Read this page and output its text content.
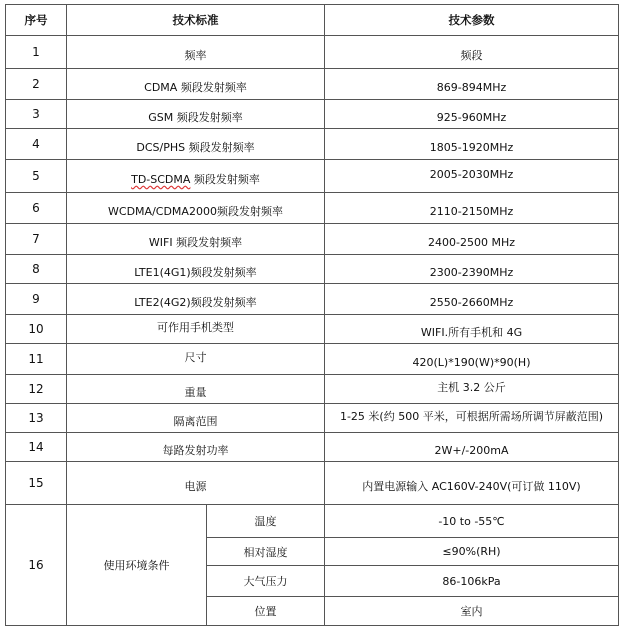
序号	技术标准		技术参数
1	频率		频段
2	CDMA 频段发射频率		869-894MHz
3	GSM 频段发射频率		925-960MHz
4	DCS/PHS 频段发射频率		1805-1920MHz
5	TD-SCDMA 频段发射频率		2005-2030MHz
6	WCDMA/CDMA2000频段发射频率		2110-2150MHz
7	WIFI 频段发射频率		2400-2500 MHz
8	LTE1(4G1)频段发射频率		2300-2390MHz
9	LTE2(4G2)频段发射频率		2550-2660MHz
10	可作用手机类型		WIFI.所有手机和 4G
11	尺寸		420(L)*190(W)*90(H)
12	重量		主机 3.2 公斤
13	隔离范围		1-25 米(约 500 平米，可根据所需场所调节屏蔽范围)
14	每路发射功率		2W+/-200mA
15	电源		内置电源输入 AC160V-240V(可订做 110V)
16	使用环境条件	温度	-10 to -55℃
		相对湿度	≤90%(RH)
		大气压力	86-106kPa
		位置	室内
